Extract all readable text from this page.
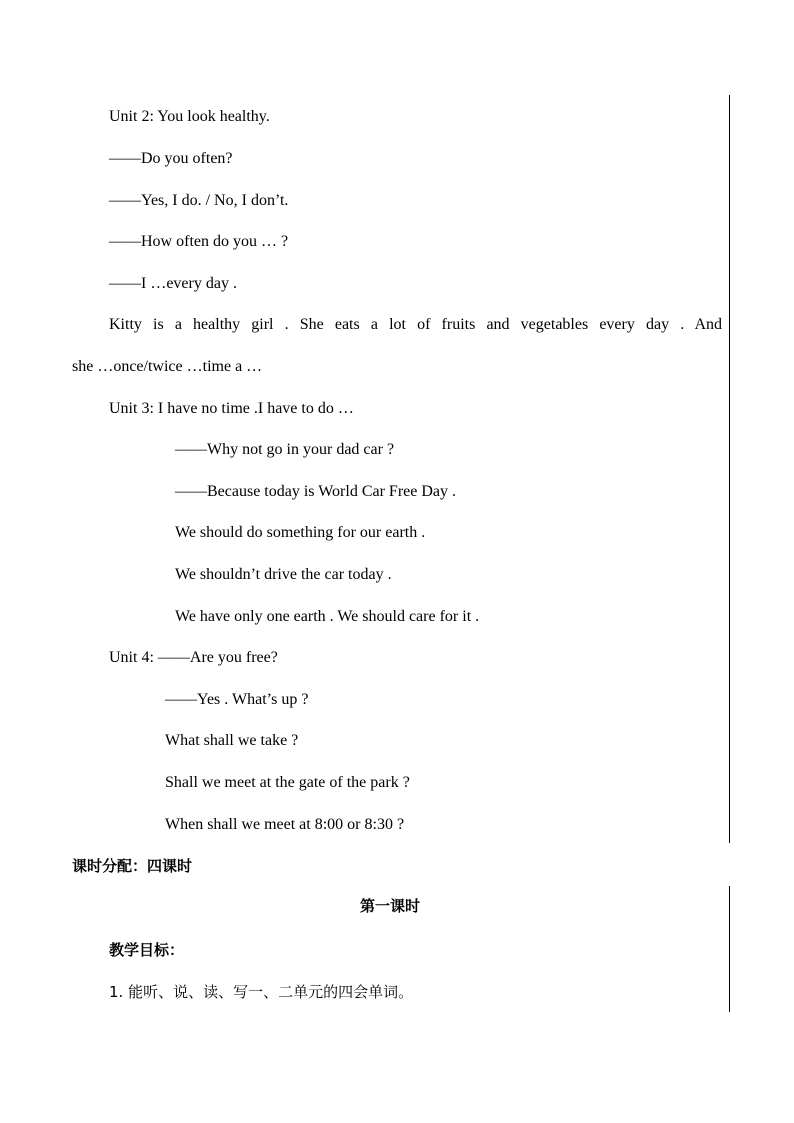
Unit 2: You look healthy.
——Do you often?
——Yes, I do. / No, I don’t.
——How often do you … ?
——I …every day .
Kitty is a healthy girl . She eats a lot of fruits and vegetables every day . And
she …once/twice …time a …
Unit 3: I have no time .I have to do …
——Why not go in your dad car ?
——Because today is World Car Free Day .
We should do something for our earth .
We shouldn’t drive the car today .
We have only one earth . We should care for it .
Unit 4: ——Are you free?
——Yes . What’s up ?
What shall we take ?
Shall we meet at the gate of the park ?
When shall we meet at 8:00 or 8:30 ?
课时分配：四课时
第一课时
教学目标：
1. 能听、说、读、写一、二单元的四会单词。
